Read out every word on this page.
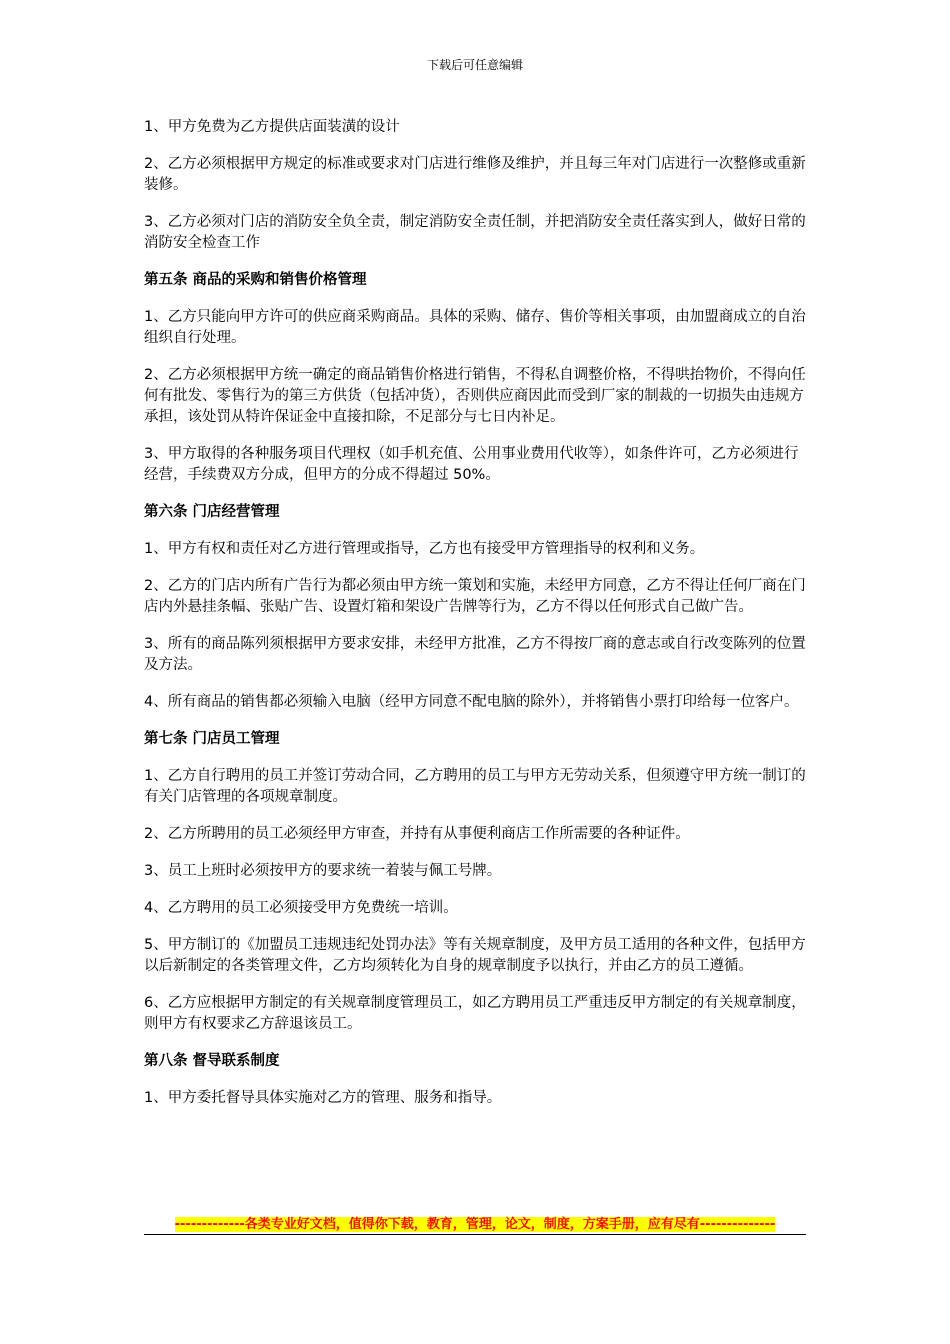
下载后可任意编辑

1、甲方免费为乙方提供店面装潢的设计

2、乙方必须根据甲方规定的标准或要求对门店进行维修及维护，并且每三年对门店进行一次整修或重新装修。

3、乙方必须对门店的消防安全负全责，制定消防安全责任制，并把消防安全责任落实到人，做好日常的消防安全检查工作

第五条 商品的采购和销售价格管理

1、乙方只能向甲方许可的供应商采购商品。具体的采购、储存、售价等相关事项，由加盟商成立的自治组织自行处理。

2、乙方必须根据甲方统一确定的商品销售价格进行销售，不得私自调整价格，不得哄抬物价，不得向任何有批发、零售行为的第三方供货（包括冲货），否则供应商因此而受到厂家的制裁的一切损失由违规方承担，该处罚从特许保证金中直接扣除，不足部分与七日内补足。

3、甲方取得的各种服务项目代理权（如手机充值、公用事业费用代收等），如条件许可，乙方必须进行经营，手续费双方分成，但甲方的分成不得超过 50%。

第六条 门店经营管理

1、甲方有权和责任对乙方进行管理或指导，乙方也有接受甲方管理指导的权利和义务。

2、乙方的门店内所有广告行为都必须由甲方统一策划和实施，未经甲方同意，乙方不得让任何厂商在门店内外悬挂条幅、张贴广告、设置灯箱和架设广告牌等行为，乙方不得以任何形式自己做广告。

3、所有的商品陈列须根据甲方要求安排，未经甲方批准，乙方不得按厂商的意志或自行改变陈列的位置及方法。

4、所有商品的销售都必须输入电脑（经甲方同意不配电脑的除外），并将销售小票打印给每一位客户。

第七条 门店员工管理

1、乙方自行聘用的员工并签订劳动合同，乙方聘用的员工与甲方无劳动关系，但须遵守甲方统一制订的有关门店管理的各项规章制度。

2、乙方所聘用的员工必须经甲方审查，并持有从事便利商店工作所需要的各种证件。

3、员工上班时必须按甲方的要求统一着装与佩工号牌。

4、乙方聘用的员工必须接受甲方免费统一培训。

5、甲方制订的《加盟员工违规违纪处罚办法》等有关规章制度，及甲方员工适用的各种文件，包括甲方以后新制定的各类管理文件，乙方均须转化为自身的规章制度予以执行，并由乙方的员工遵循。

6、乙方应根据甲方制定的有关规章制度管理员工，如乙方聘用员工严重违反甲方制定的有关规章制度，则甲方有权要求乙方辞退该员工。

第八条 督导联系制度

1、甲方委托督导具体实施对乙方的管理、服务和指导。

-------------各类专业好文档，值得你下载，教育，管理，论文，制度，方案手册，应有尽有--------------
